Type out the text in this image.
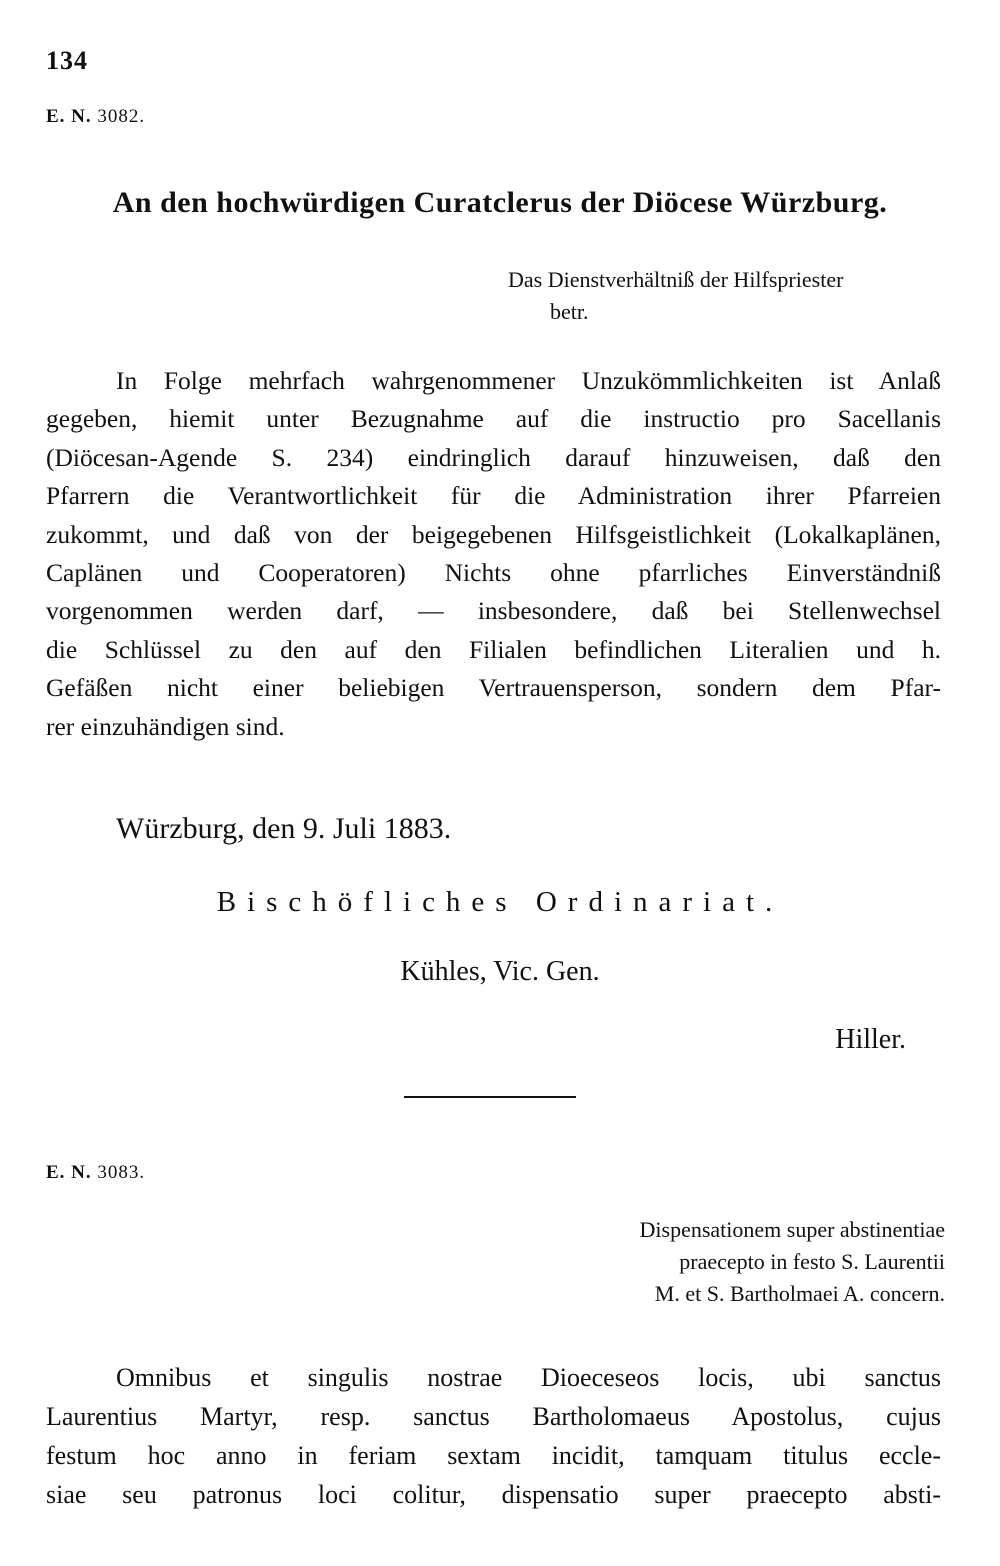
134
E. N. 3082.
An den hochwürdigen Curatclerus der Diöcese Würzburg.
Das Dienstverhältniß der Hilfspriester
betr.
In Folge mehrfach wahrgenommener Unzukömmlichkeiten ist Anlaß
gegeben, hiemit unter Bezugnahme auf die instructio pro Sacellanis
(Diöcesan-Agende S. 234) eindringlich darauf hinzuweisen, daß den
Pfarrern die Verantwortlichkeit für die Administration ihrer Pfarreien
zukommt, und daß von der beigegebenen Hilfsgeistlichkeit (Lokalkaplänen,
Caplänen und Cooperatoren) Nichts ohne pfarrliches Einverständniß
vorgenommen werden darf, — insbesondere, daß bei Stellenwechsel
die Schlüssel zu den auf den Filialen befindlichen Literalien und h.
Gefäßen nicht einer beliebigen Vertrauensperson, sondern dem Pfar-
rer einzuhändigen sind.
Würzburg, den 9. Juli 1883.
Bischöfliches Ordinariat.
Kühles, Vic. Gen.
Hiller.
E. N. 3083.
Dispensationem super abstinentiae
praecepto in festo S. Laurentii
M. et S. Bartholmaei A. concern.
Omnibus et singulis nostrae Dioeceseos locis, ubi sanctus
Laurentius Martyr, resp. sanctus Bartholomaeus Apostolus, cujus
festum hoc anno in feriam sextam incidit, tamquam titulus eccle-
siae seu patronus loci colitur, dispensatio super praecepto absti-
